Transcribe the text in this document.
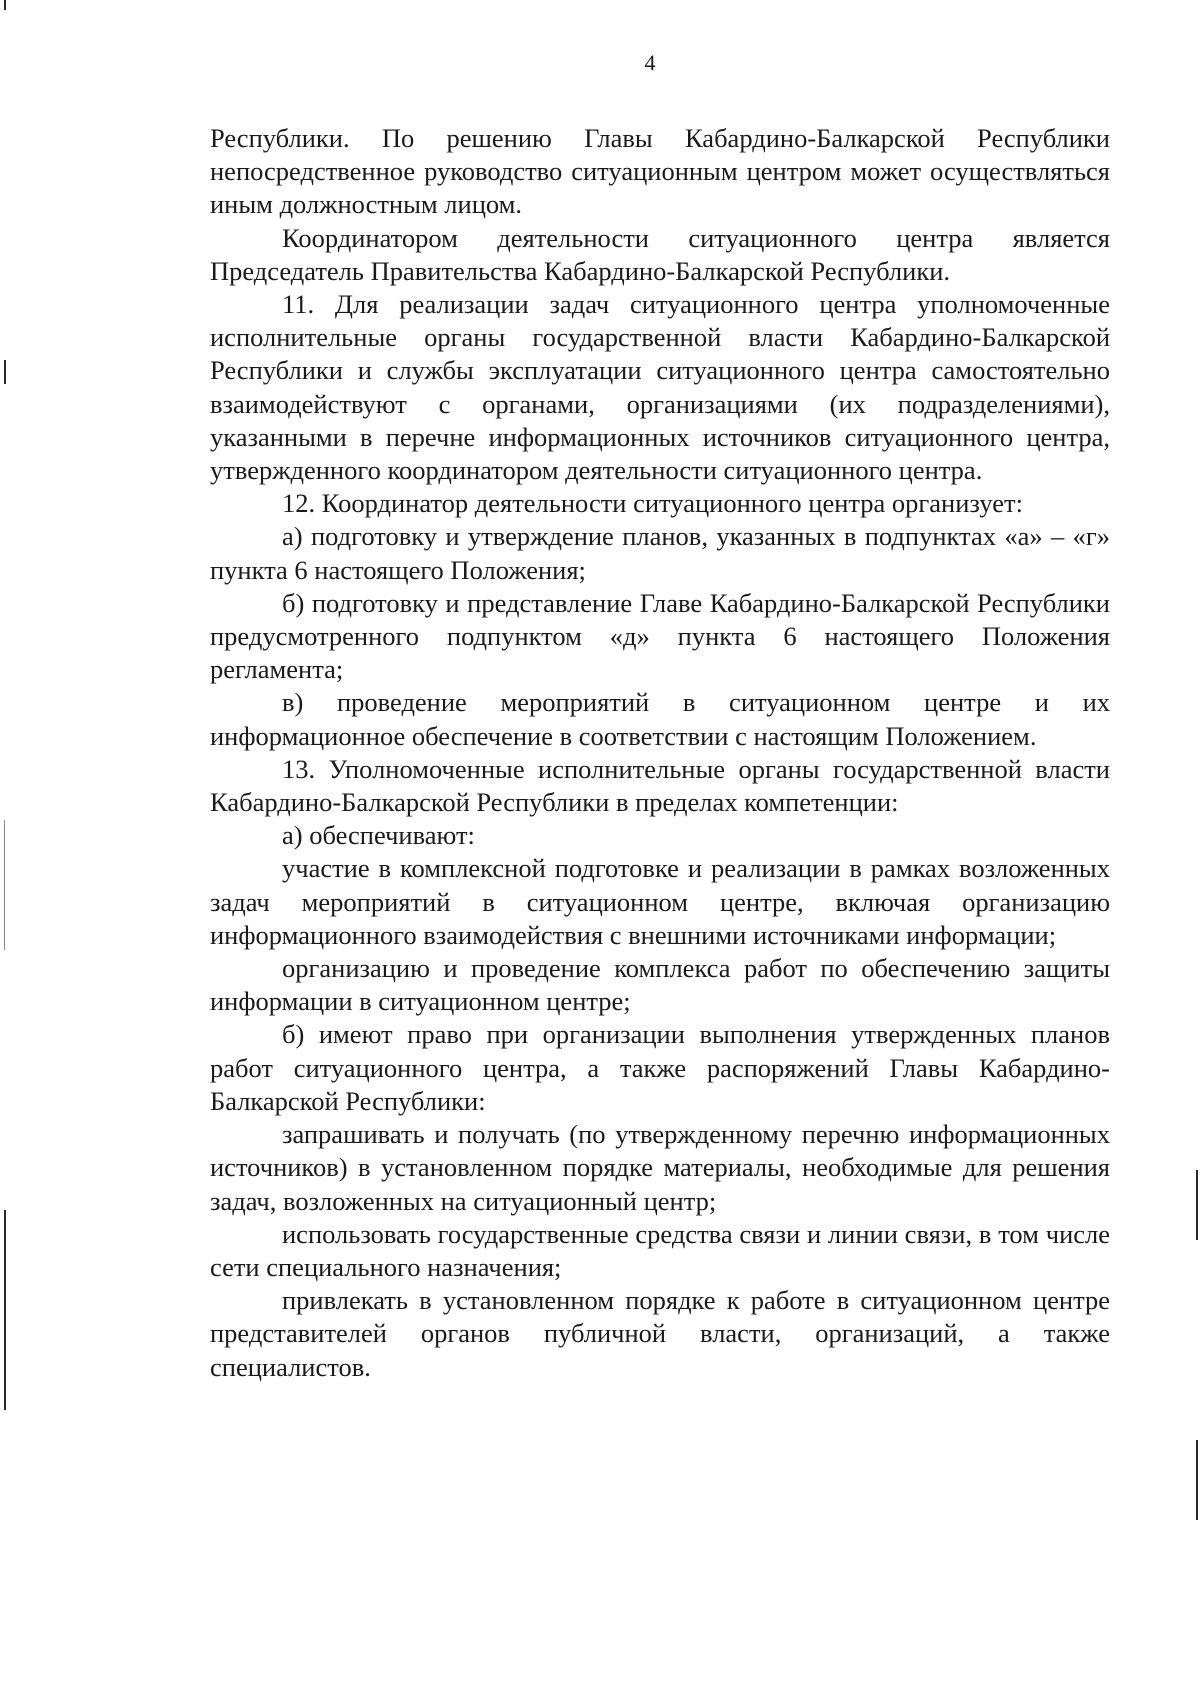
4

Республики. По решению Главы Кабардино-Балкарской Республики непосредственное руководство ситуационным центром может осуществляться иным должностным лицом.

Координатором деятельности ситуационного центра является Председатель Правительства Кабардино-Балкарской Республики.

11. Для реализации задач ситуационного центра уполномоченные исполнительные органы государственной власти Кабардино-Балкарской Республики и службы эксплуатации ситуационного центра самостоятельно взаимодействуют с органами, организациями (их подразделениями), указанными в перечне информационных источников ситуационного центра, утвержденного координатором деятельности ситуационного центра.

12. Координатор деятельности ситуационного центра организует:

а) подготовку и утверждение планов, указанных в подпунктах «а» – «г» пункта 6 настоящего Положения;

б) подготовку и представление Главе Кабардино-Балкарской Республики предусмотренного подпунктом «д» пункта 6 настоящего Положения регламента;

в) проведение мероприятий в ситуационном центре и их информационное обеспечение в соответствии с настоящим Положением.

13. Уполномоченные исполнительные органы государственной власти Кабардино-Балкарской Республики в пределах компетенции:

а) обеспечивают:

участие в комплексной подготовке и реализации в рамках возложенных задач мероприятий в ситуационном центре, включая организацию информационного взаимодействия с внешними источниками информации;

организацию и проведение комплекса работ по обеспечению защиты информации в ситуационном центре;

б) имеют право при организации выполнения утвержденных планов работ ситуационного центра, а также распоряжений Главы Кабардино-Балкарской Республики:

запрашивать и получать (по утвержденному перечню информационных источников) в установленном порядке материалы, необходимые для решения задач, возложенных на ситуационный центр;

использовать государственные средства связи и линии связи, в том числе сети специального назначения;

привлекать в установленном порядке к работе в ситуационном центре представителей органов публичной власти, организаций, а также специалистов.
